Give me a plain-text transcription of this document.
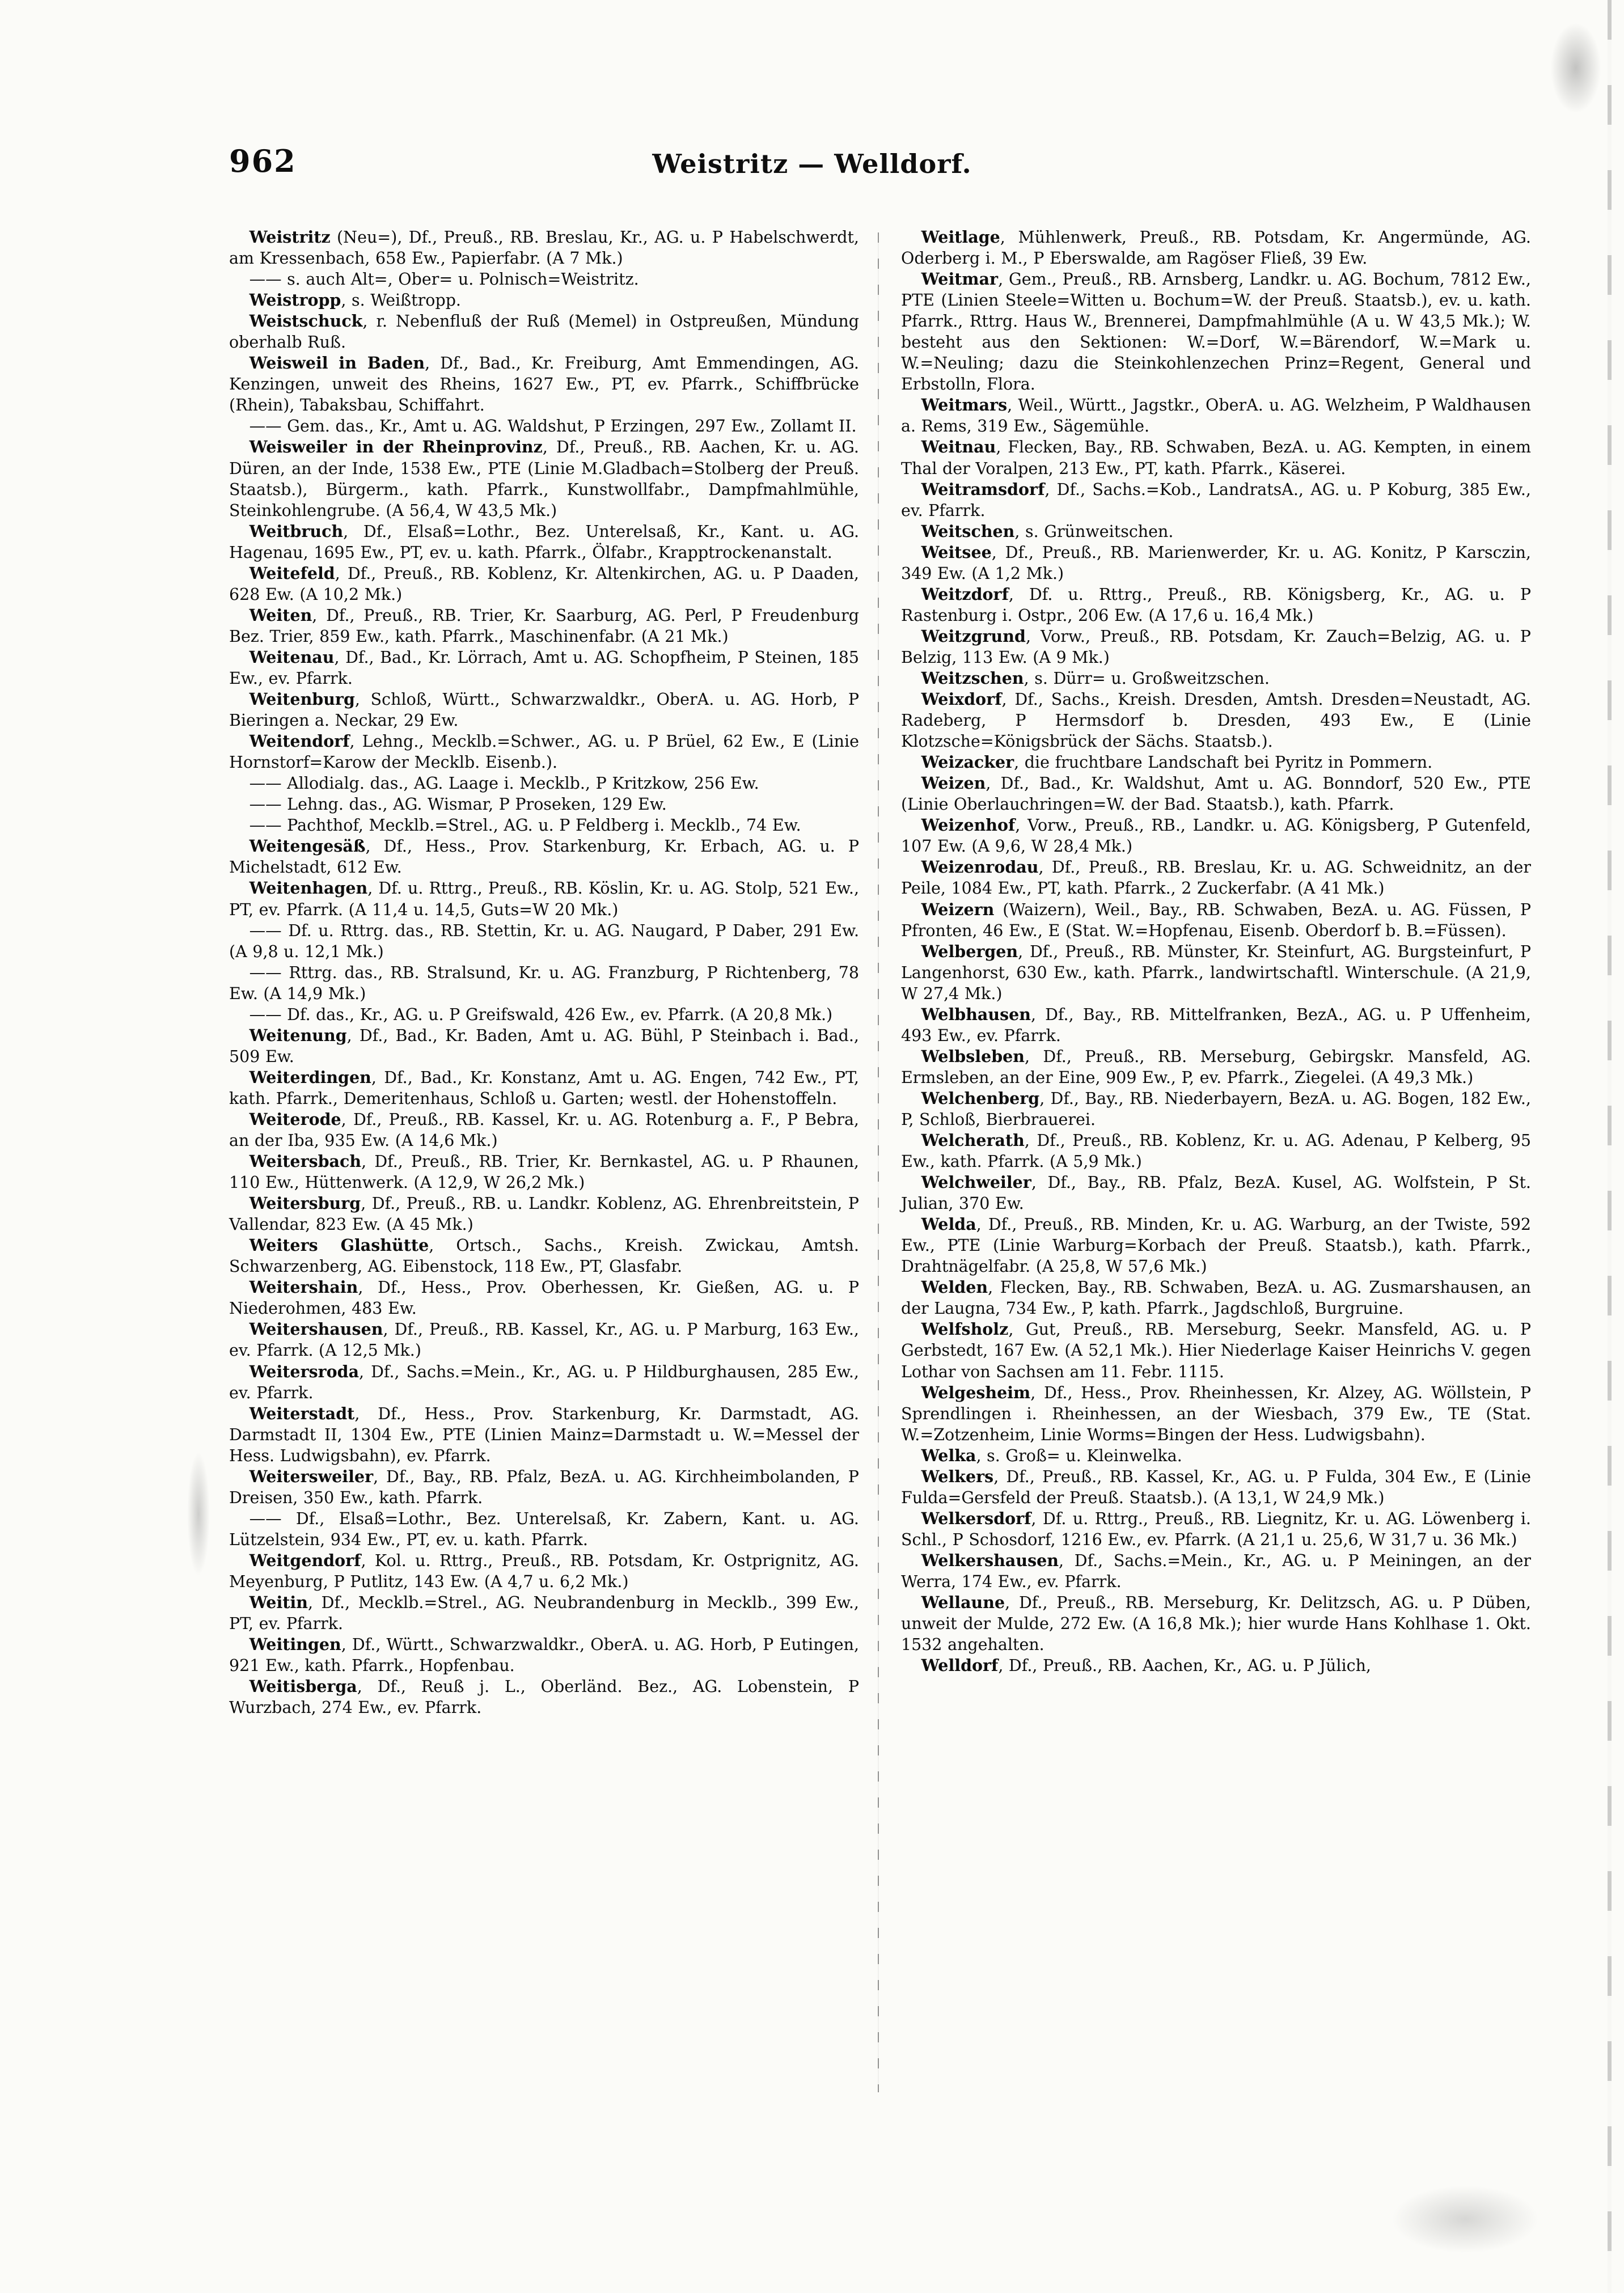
962	Weistritz — Welldorf.

Weistritz (Neu=), Df., Preuß., RB. Breslau, Kr., AG. u. P Habelschwerdt, am Kressenbach, 658 Ew., Papierfabr. (A 7 Mk.)

—— s. auch Alt=, Ober= u. Polnisch=Weistritz.

Weistropp, s. Weißtropp.

Weistschuck, r. Nebenfluß der Ruß (Memel) in Ostpreußen, Mündung oberhalb Ruß.

Weisweil in Baden, Df., Bad., Kr. Freiburg, Amt Emmendingen, AG. Kenzingen, unweit des Rheins, 1627 Ew., PT, ev. Pfarrk., Schiffbrücke (Rhein), Tabaksbau, Schiffahrt.

—— Gem. das., Kr., Amt u. AG. Waldshut, P Erzingen, 297 Ew., Zollamt II.

Weisweiler in der Rheinprovinz, Df., Preuß., RB. Aachen, Kr. u. AG. Düren, an der Inde, 1538 Ew., PTE (Linie M.Gladbach=Stolberg der Preuß. Staatsb.), Bürgerm., kath. Pfarrk., Kunstwollfabr., Dampfmahlmühle, Steinkohlengrube. (A 56,4, W 43,5 Mk.)

Weitbruch, Df., Elsaß=Lothr., Bez. Unterelsaß, Kr., Kant. u. AG. Hagenau, 1695 Ew., PT, ev. u. kath. Pfarrk., Ölfabr., Krapptrockenanstalt.

Weitefeld, Df., Preuß., RB. Koblenz, Kr. Altenkirchen, AG. u. P Daaden, 628 Ew. (A 10,2 Mk.)

Weiten, Df., Preuß., RB. Trier, Kr. Saarburg, AG. Perl, P Freudenburg Bez. Trier, 859 Ew., kath. Pfarrk., Maschinenfabr. (A 21 Mk.)

Weitenau, Df., Bad., Kr. Lörrach, Amt u. AG. Schopfheim, P Steinen, 185 Ew., ev. Pfarrk.

Weitenburg, Schloß, Württ., Schwarzwaldkr., OberA. u. AG. Horb, P Bieringen a. Neckar, 29 Ew.

Weitendorf, Lehng., Mecklb.=Schwer., AG. u. P Brüel, 62 Ew., E (Linie Hornstorf=Karow der Mecklb. Eisenb.).

—— Allodialg. das., AG. Laage i. Mecklb., P Kritzkow, 256 Ew.

—— Lehng. das., AG. Wismar, P Proseken, 129 Ew.

—— Pachthof, Mecklb.=Strel., AG. u. P Feldberg i. Mecklb., 74 Ew.

Weitengesäß, Df., Hess., Prov. Starkenburg, Kr. Erbach, AG. u. P Michelstadt, 612 Ew.

Weitenhagen, Df. u. Rttrg., Preuß., RB. Köslin, Kr. u. AG. Stolp, 521 Ew., PT, ev. Pfarrk. (A 11,4 u. 14,5, Guts=W 20 Mk.)

—— Df. u. Rttrg. das., RB. Stettin, Kr. u. AG. Naugard, P Daber, 291 Ew. (A 9,8 u. 12,1 Mk.)

—— Rttrg. das., RB. Stralsund, Kr. u. AG. Franzburg, P Richtenberg, 78 Ew. (A 14,9 Mk.)

—— Df. das., Kr., AG. u. P Greifswald, 426 Ew., ev. Pfarrk. (A 20,8 Mk.)

Weitenung, Df., Bad., Kr. Baden, Amt u. AG. Bühl, P Steinbach i. Bad., 509 Ew.

Weiterdingen, Df., Bad., Kr. Konstanz, Amt u. AG. Engen, 742 Ew., PT, kath. Pfarrk., Demeritenhaus, Schloß u. Garten; westl. der Hohenstoffeln.

Weiterode, Df., Preuß., RB. Kassel, Kr. u. AG. Rotenburg a. F., P Bebra, an der Iba, 935 Ew. (A 14,6 Mk.)

Weitersbach, Df., Preuß., RB. Trier, Kr. Bernkastel, AG. u. P Rhaunen, 110 Ew., Hüttenwerk. (A 12,9, W 26,2 Mk.)

Weitersburg, Df., Preuß., RB. u. Landkr. Koblenz, AG. Ehrenbreitstein, P Vallendar, 823 Ew. (A 45 Mk.)

Weiters Glashütte, Ortsch., Sachs., Kreish. Zwickau, Amtsh. Schwarzenberg, AG. Eibenstock, 118 Ew., PT, Glasfabr.

Weitershain, Df., Hess., Prov. Oberhessen, Kr. Gießen, AG. u. P Niederohmen, 483 Ew.

Weitershausen, Df., Preuß., RB. Kassel, Kr., AG. u. P Marburg, 163 Ew., ev. Pfarrk. (A 12,5 Mk.)

Weitersroda, Df., Sachs.=Mein., Kr., AG. u. P Hildburghausen, 285 Ew., ev. Pfarrk.

Weiterstadt, Df., Hess., Prov. Starkenburg, Kr. Darmstadt, AG. Darmstadt II, 1304 Ew., PTE (Linien Mainz=Darmstadt u. W.=Messel der Hess. Ludwigsbahn), ev. Pfarrk.

Weitersweiler, Df., Bay., RB. Pfalz, BezA. u. AG. Kirchheimbolanden, P Dreisen, 350 Ew., kath. Pfarrk.

—— Df., Elsaß=Lothr., Bez. Unterelsaß, Kr. Zabern, Kant. u. AG. Lützelstein, 934 Ew., PT, ev. u. kath. Pfarrk.

Weitgendorf, Kol. u. Rttrg., Preuß., RB. Potsdam, Kr. Ostprignitz, AG. Meyenburg, P Putlitz, 143 Ew. (A 4,7 u. 6,2 Mk.)

Weitin, Df., Mecklb.=Strel., AG. Neubrandenburg in Mecklb., 399 Ew., PT, ev. Pfarrk.

Weitingen, Df., Württ., Schwarzwaldkr., OberA. u. AG. Horb, P Eutingen, 921 Ew., kath. Pfarrk., Hopfenbau.

Weitisberga, Df., Reuß j. L., Oberländ. Bez., AG. Lobenstein, P Wurzbach, 274 Ew., ev. Pfarrk.

Weitlage, Mühlenwerk, Preuß., RB. Potsdam, Kr. Angermünde, AG. Oderberg i. M., P Eberswalde, am Ragöser Fließ, 39 Ew.

Weitmar, Gem., Preuß., RB. Arnsberg, Landkr. u. AG. Bochum, 7812 Ew., PTE (Linien Steele=Witten u. Bochum=W. der Preuß. Staatsb.), ev. u. kath. Pfarrk., Rttrg. Haus W., Brennerei, Dampfmahlmühle (A u. W 43,5 Mk.); W. besteht aus den Sektionen: W.=Dorf, W.=Bärendorf, W.=Mark u. W.=Neuling; dazu die Steinkohlenzechen Prinz=Regent, General und Erbstolln, Flora.

Weitmars, Weil., Württ., Jagstkr., OberA. u. AG. Welzheim, P Waldhausen a. Rems, 319 Ew., Sägemühle.

Weitnau, Flecken, Bay., RB. Schwaben, BezA. u. AG. Kempten, in einem Thal der Voralpen, 213 Ew., PT, kath. Pfarrk., Käserei.

Weitramsdorf, Df., Sachs.=Kob., LandratsA., AG. u. P Koburg, 385 Ew., ev. Pfarrk.

Weitschen, s. Grünweitschen.

Weitsee, Df., Preuß., RB. Marienwerder, Kr. u. AG. Konitz, P Karsczin, 349 Ew. (A 1,2 Mk.)

Weitzdorf, Df. u. Rttrg., Preuß., RB. Königsberg, Kr., AG. u. P Rastenburg i. Ostpr., 206 Ew. (A 17,6 u. 16,4 Mk.)

Weitzgrund, Vorw., Preuß., RB. Potsdam, Kr. Zauch=Belzig, AG. u. P Belzig, 113 Ew. (A 9 Mk.)

Weitzschen, s. Dürr= u. Großweitzschen.

Weixdorf, Df., Sachs., Kreish. Dresden, Amtsh. Dresden=Neustadt, AG. Radeberg, P Hermsdorf b. Dresden, 493 Ew., E (Linie Klotzsche=Königsbrück der Sächs. Staatsb.).

Weizacker, die fruchtbare Landschaft bei Pyritz in Pommern.

Weizen, Df., Bad., Kr. Waldshut, Amt u. AG. Bonndorf, 520 Ew., PTE (Linie Oberlauchringen=W. der Bad. Staatsb.), kath. Pfarrk.

Weizenhof, Vorw., Preuß., RB., Landkr. u. AG. Königsberg, P Gutenfeld, 107 Ew. (A 9,6, W 28,4 Mk.)

Weizenrodau, Df., Preuß., RB. Breslau, Kr. u. AG. Schweidnitz, an der Peile, 1084 Ew., PT, kath. Pfarrk., 2 Zuckerfabr. (A 41 Mk.)

Weizern (Waizern), Weil., Bay., RB. Schwaben, BezA. u. AG. Füssen, P Pfronten, 46 Ew., E (Stat. W.=Hopfenau, Eisenb. Oberdorf b. B.=Füssen).

Welbergen, Df., Preuß., RB. Münster, Kr. Steinfurt, AG. Burgsteinfurt, P Langenhorst, 630 Ew., kath. Pfarrk., landwirtschaftl. Winterschule. (A 21,9, W 27,4 Mk.)

Welbhausen, Df., Bay., RB. Mittelfranken, BezA., AG. u. P Uffenheim, 493 Ew., ev. Pfarrk.

Welbsleben, Df., Preuß., RB. Merseburg, Gebirgskr. Mansfeld, AG. Ermsleben, an der Eine, 909 Ew., P, ev. Pfarrk., Ziegelei. (A 49,3 Mk.)

Welchenberg, Df., Bay., RB. Niederbayern, BezA. u. AG. Bogen, 182 Ew., P, Schloß, Bierbrauerei.

Welcherath, Df., Preuß., RB. Koblenz, Kr. u. AG. Adenau, P Kelberg, 95 Ew., kath. Pfarrk. (A 5,9 Mk.)

Welchweiler, Df., Bay., RB. Pfalz, BezA. Kusel, AG. Wolfstein, P St. Julian, 370 Ew.

Welda, Df., Preuß., RB. Minden, Kr. u. AG. Warburg, an der Twiste, 592 Ew., PTE (Linie Warburg=Korbach der Preuß. Staatsb.), kath. Pfarrk., Drahtnägelfabr. (A 25,8, W 57,6 Mk.)

Welden, Flecken, Bay., RB. Schwaben, BezA. u. AG. Zusmarshausen, an der Laugna, 734 Ew., P, kath. Pfarrk., Jagdschloß, Burgruine.

Welfsholz, Gut, Preuß., RB. Merseburg, Seekr. Mansfeld, AG. u. P Gerbstedt, 167 Ew. (A 52,1 Mk.). Hier Niederlage Kaiser Heinrichs V. gegen Lothar von Sachsen am 11. Febr. 1115.

Welgesheim, Df., Hess., Prov. Rheinhessen, Kr. Alzey, AG. Wöllstein, P Sprendlingen i. Rheinhessen, an der Wiesbach, 379 Ew., TE (Stat. W.=Zotzenheim, Linie Worms=Bingen der Hess. Ludwigsbahn).

Welka, s. Groß= u. Kleinwelka.

Welkers, Df., Preuß., RB. Kassel, Kr., AG. u. P Fulda, 304 Ew., E (Linie Fulda=Gersfeld der Preuß. Staatsb.). (A 13,1, W 24,9 Mk.)

Welkersdorf, Df. u. Rttrg., Preuß., RB. Liegnitz, Kr. u. AG. Löwenberg i. Schl., P Schosdorf, 1216 Ew., ev. Pfarrk. (A 21,1 u. 25,6, W 31,7 u. 36 Mk.)

Welkershausen, Df., Sachs.=Mein., Kr., AG. u. P Meiningen, an der Werra, 174 Ew., ev. Pfarrk.

Wellaune, Df., Preuß., RB. Merseburg, Kr. Delitzsch, AG. u. P Düben, unweit der Mulde, 272 Ew. (A 16,8 Mk.); hier wurde Hans Kohlhase 1. Okt. 1532 angehalten.

Welldorf, Df., Preuß., RB. Aachen, Kr., AG. u. P Jülich,
